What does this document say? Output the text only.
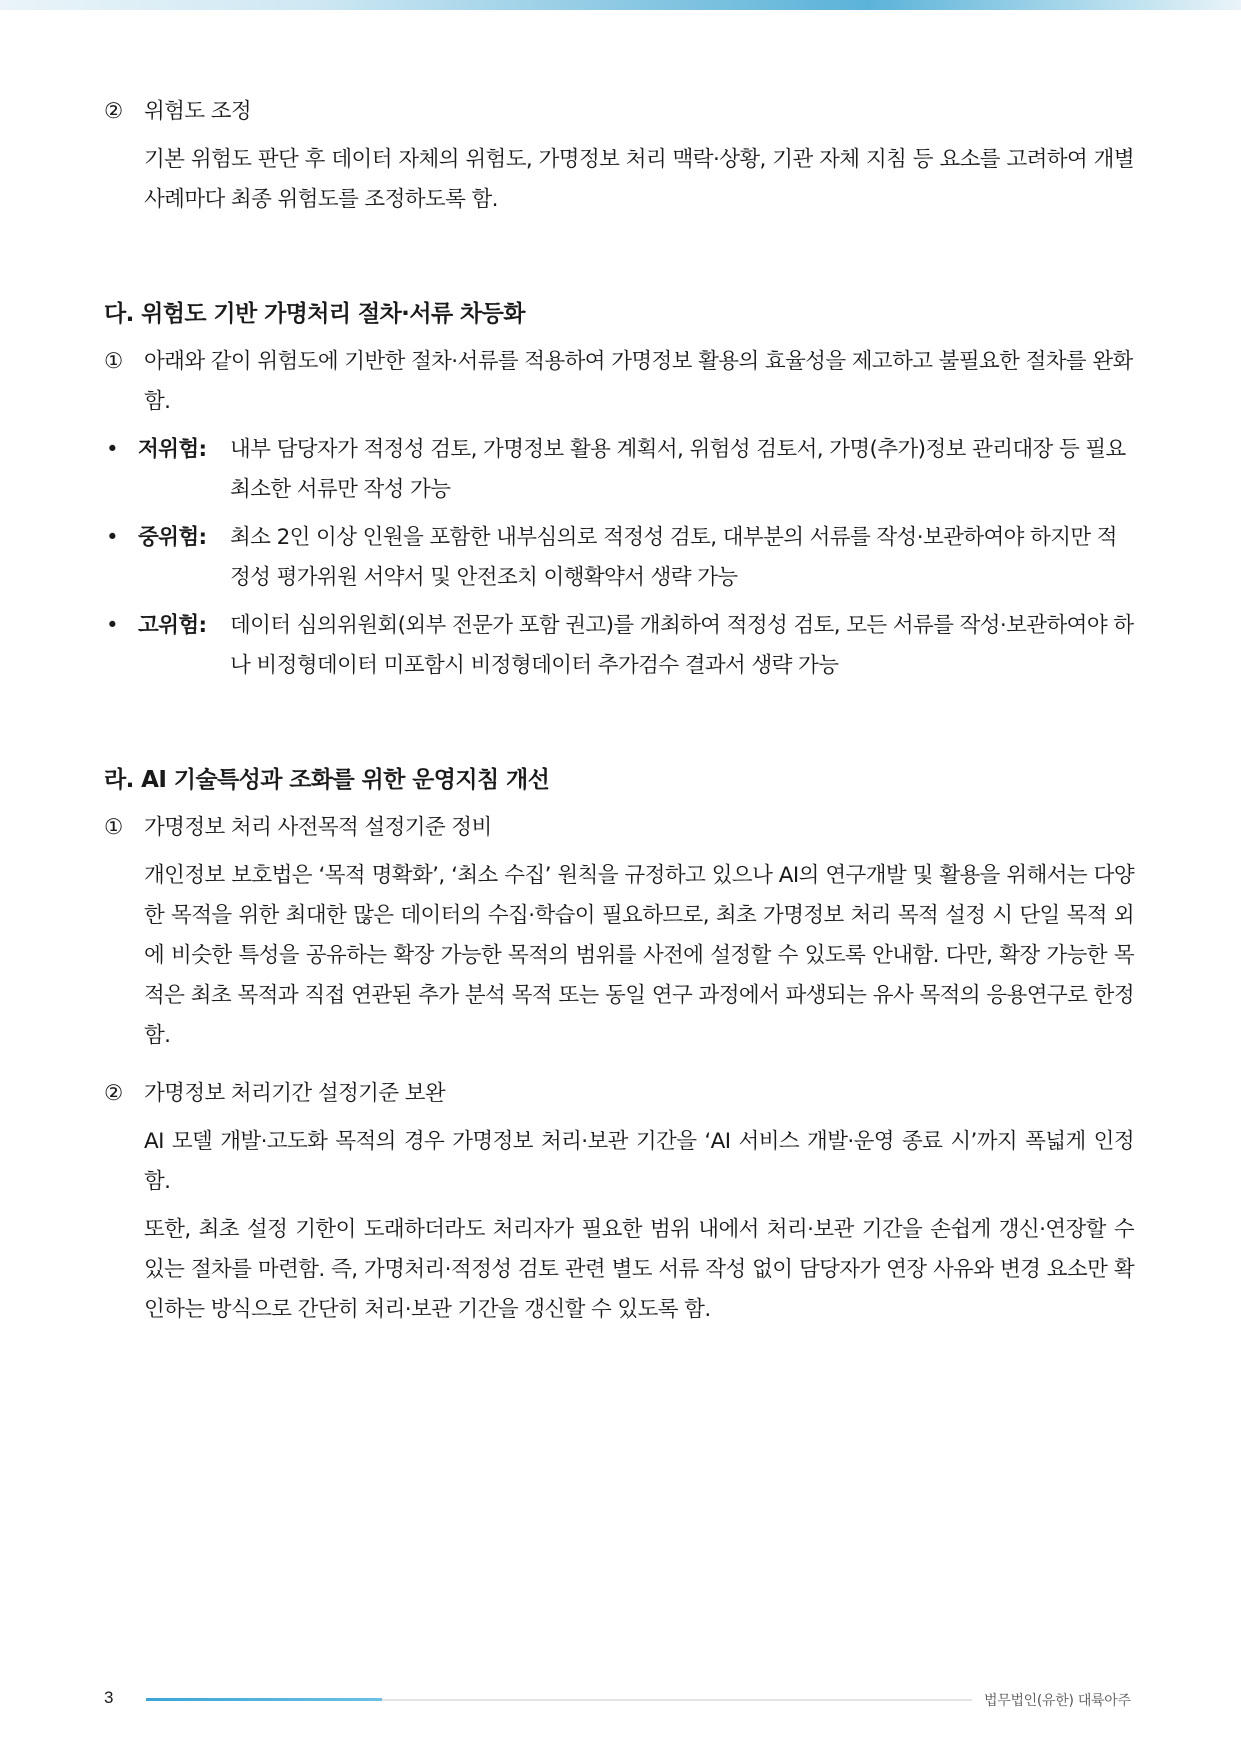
② 위험도 조정
기본 위험도 판단 후 데이터 자체의 위험도, 가명정보 처리 맥락·상황, 기관 자체 지침 등 요소를 고려하여 개별 사례마다 최종 위험도를 조정하도록 함.
다. 위험도 기반 가명처리 절차·서류 차등화
① 아래와 같이 위험도에 기반한 절차·서류를 적용하여 가명정보 활용의 효율성을 제고하고 불필요한 절차를 완화함.
• 저위험: 내부 담당자가 적정성 검토, 가명정보 활용 계획서, 위험성 검토서, 가명(추가)정보 관리대장 등 필요 최소한 서류만 작성 가능
• 중위험: 최소 2인 이상 인원을 포함한 내부심의로 적정성 검토, 대부분의 서류를 작성·보관하여야 하지만 적정성 평가위원 서약서 및 안전조치 이행확약서 생략 가능
• 고위험: 데이터 심의위원회(외부 전문가 포함 권고)를 개최하여 적정성 검토, 모든 서류를 작성·보관하여야 하나 비정형데이터 미포함시 비정형데이터 추가검수 결과서 생략 가능
라. AI 기술특성과 조화를 위한 운영지침 개선
① 가명정보 처리 사전목적 설정기준 정비
개인정보 보호법은 ‘목적 명확화’, ‘최소 수집’ 원칙을 규정하고 있으나 AI의 연구개발 및 활용을 위해서는 다양한 목적을 위한 최대한 많은 데이터의 수집·학습이 필요하므로, 최초 가명정보 처리 목적 설정 시 단일 목적 외에 비슷한 특성을 공유하는 확장 가능한 목적의 범위를 사전에 설정할 수 있도록 안내함. 다만, 확장 가능한 목적은 최초 목적과 직접 연관된 추가 분석 목적 또는 동일 연구 과정에서 파생되는 유사 목적의 응용연구로 한정함.
② 가명정보 처리기간 설정기준 보완
AI 모델 개발·고도화 목적의 경우 가명정보 처리·보관 기간을 ‘AI 서비스 개발·운영 종료 시’까지 폭넓게 인정함.
또한, 최초 설정 기한이 도래하더라도 처리자가 필요한 범위 내에서 처리·보관 기간을 손쉽게 갱신·연장할 수 있는 절차를 마련함. 즉, 가명처리·적정성 검토 관련 별도 서류 작성 없이 담당자가 연장 사유와 변경 요소만 확인하는 방식으로 간단히 처리·보관 기간을 갱신할 수 있도록 함.
3	법무법인(유한) 대륙아주
